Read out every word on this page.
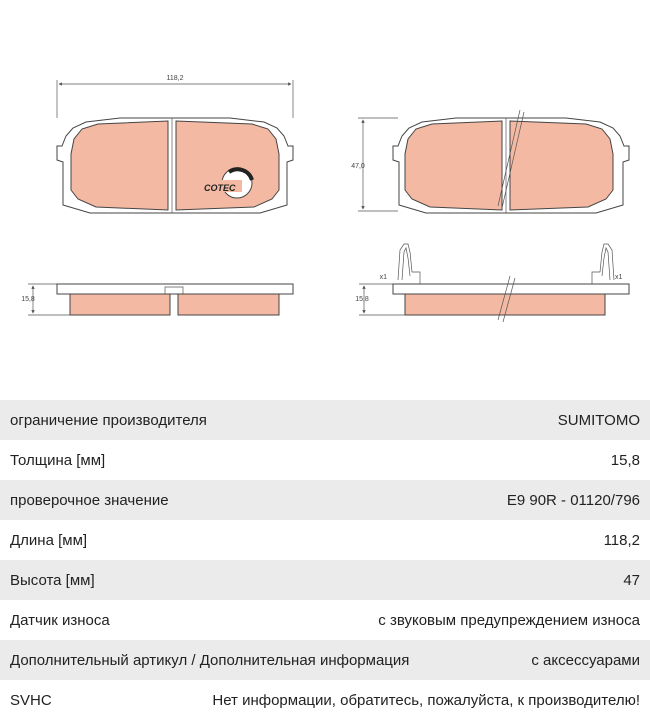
118,2
COTEC
47,0
15,8	15,8
x1	x1
ограничение производителя	SUMITOMO
Толщина [мм]	15,8
проверочное значение	E9 90R - 01120/796
Длина [мм]	118,2
Высота [мм]	47
Датчик износа	с звуковым предупреждением износа
Дополнительный артикул / Дополнительная информация	с аксессуарами
SVHC	Нет информации, обратитесь, пожалуйста, к производителю!
